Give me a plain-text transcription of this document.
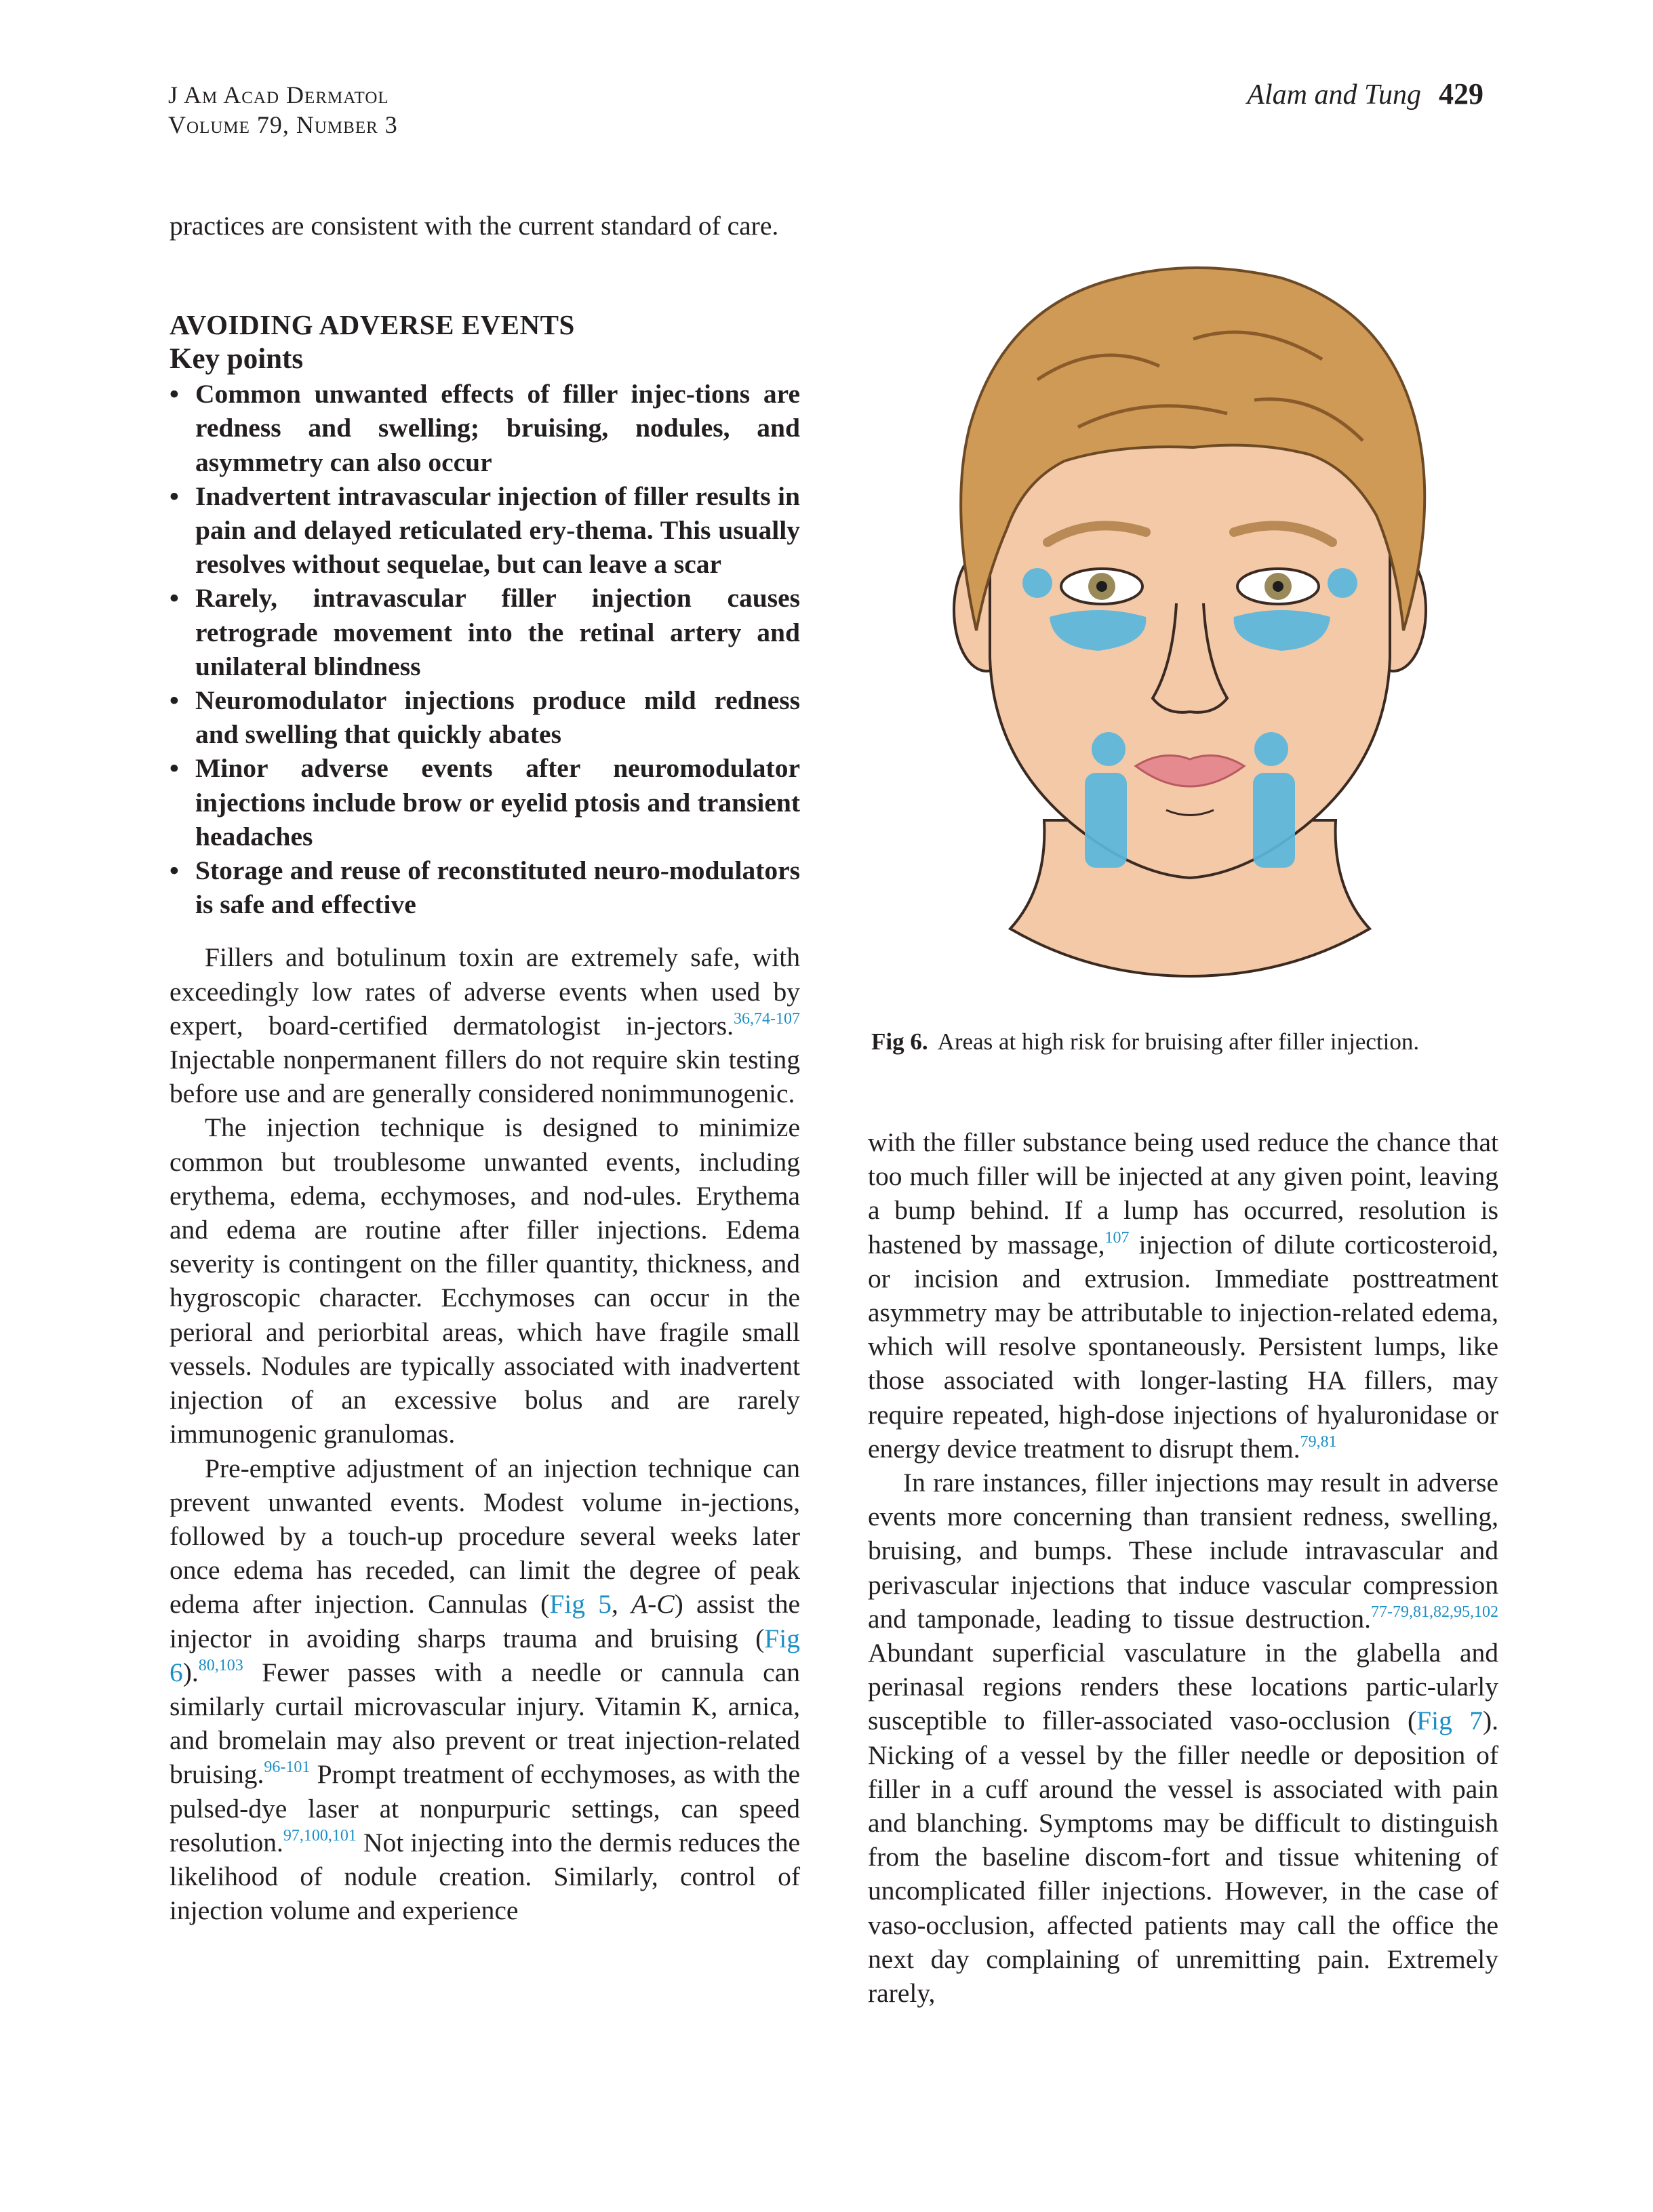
J Am Acad Dermatol
Volume 79, Number 3
Alam and Tung 429

practices are consistent with the current standard of care.

AVOIDING ADVERSE EVENTS
Key points
• Common unwanted effects of filler injec-tions are redness and swelling; bruising, nodules, and asymmetry can also occur
• Inadvertent intravascular injection of filler results in pain and delayed reticulated ery-thema. This usually resolves without sequelae, but can leave a scar
• Rarely, intravascular filler injection causes retrograde movement into the retinal artery and unilateral blindness
• Neuromodulator injections produce mild redness and swelling that quickly abates
• Minor adverse events after neuromodulator injections include brow or eyelid ptosis and transient headaches
• Storage and reuse of reconstituted neuro-modulators is safe and effective

Fillers and botulinum toxin are extremely safe, with exceedingly low rates of adverse events when used by expert, board-certified dermatologist in-jectors.$^{36,74-107}$ Injectable nonpermanent fillers do not require skin testing before use and are generally considered nonimmunogenic.

The injection technique is designed to minimize common but troublesome unwanted events, including erythema, edema, ecchymoses, and nod-ules. Erythema and edema are routine after filler injections. Edema severity is contingent on the filler quantity, thickness, and hygroscopic character. Ecchymoses can occur in the perioral and periorbital areas, which have fragile small vessels. Nodules are typically associated with inadvertent injection of an excessive bolus and are rarely immunogenic granulomas.

Pre-emptive adjustment of an injection technique can prevent unwanted events. Modest volume in-jections, followed by a touch-up procedure several weeks later once edema has receded, can limit the degree of peak edema after injection. Cannulas (Fig 5, A-C) assist the injector in avoiding sharps trauma and bruising (Fig 6).$^{80,103}$ Fewer passes with a needle or cannula can similarly curtail microvascular injury. Vitamin K, arnica, and bromelain may also prevent or treat injection-related bruising.$^{96-101}$ Prompt treatment of ecchymoses, as with the pulsed-dye laser at nonpurpuric settings, can speed resolution.$^{97,100,101}$ Not injecting into the dermis reduces the likelihood of nodule creation. Similarly, control of injection volume and experience

Fig 6. Areas at high risk for bruising after filler injection.

with the filler substance being used reduce the chance that too much filler will be injected at any given point, leaving a bump behind. If a lump has occurred, resolution is hastened by massage,$^{107}$ injection of dilute corticosteroid, or incision and extrusion. Immediate posttreatment asymmetry may be attributable to injection-related edema, which will resolve spontaneously. Persistent lumps, like those associated with longer-lasting HA fillers, may require repeated, high-dose injections of hyaluronidase or energy device treatment to disrupt them.$^{79,81}$

In rare instances, filler injections may result in adverse events more concerning than transient redness, swelling, bruising, and bumps. These include intravascular and perivascular injections that induce vascular compression and tamponade, leading to tissue destruction.$^{77-79,81,82,95,102}$ Abundant superficial vasculature in the glabella and perinasal regions renders these locations partic-ularly susceptible to filler-associated vaso-occlusion (Fig 7). Nicking of a vessel by the filler needle or deposition of filler in a cuff around the vessel is associated with pain and blanching. Symptoms may be difficult to distinguish from the baseline discom-fort and tissue whitening of uncomplicated filler injections. However, in the case of vaso-occlusion, affected patients may call the office the next day complaining of unremitting pain. Extremely rarely,
